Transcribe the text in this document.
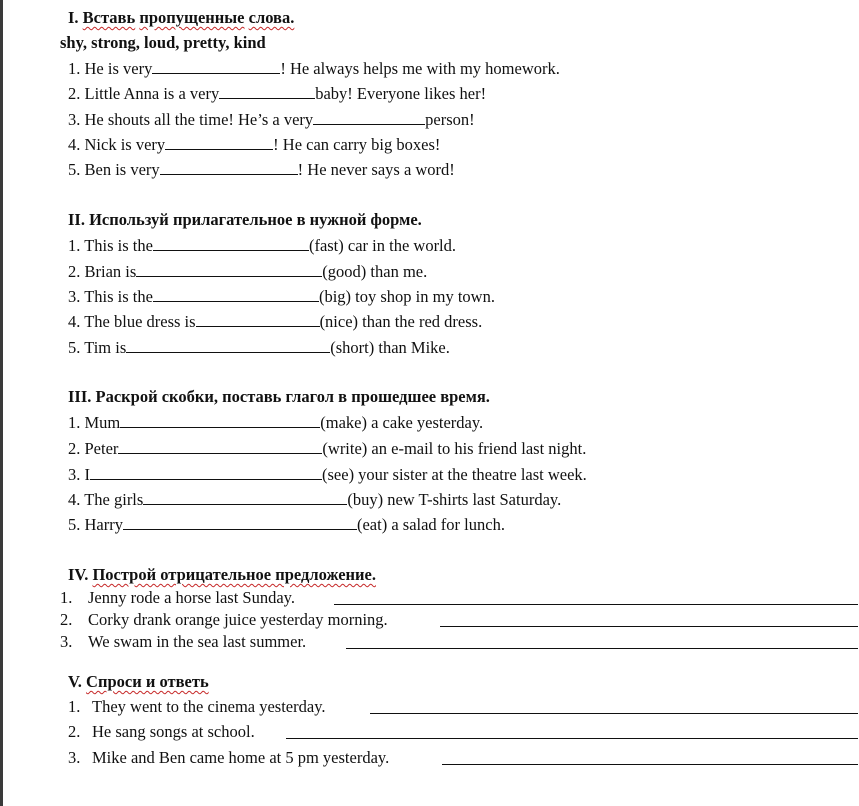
I. Вставь пропущенные слова.
shy, strong, loud, pretty, kind
1. He is very	! He always helps me with my homework.
2. Little Anna is a very	baby! Everyone likes her!
3. He shouts all the time! He’s a very	person!
4. Nick is very	! He can carry big boxes!
5. Ben is very	! He never says a word!
II. Используй прилагательное в нужной форме.
1. This is the	(fast) car in the world.
2. Brian is	(good) than me.
3. This is the	(big) toy shop in my town.
4. The blue dress is	(nice) than the red dress.
5. Tim is	(short) than Mike.
III. Раскрой скобки, поставь глагол в прошедшее время.
1. Mum	(make) a cake yesterday.
2. Peter	(write) an e-mail to his friend last night.
3. I	(see) your sister at the theatre last week.
4. The girls	(buy) new T-shirts last Saturday.
5. Harry	(eat) a salad for lunch.
IV. Построй отрицательное предложение.
1. Jenny rode a horse last Sunday.
2. Corky drank orange juice yesterday morning.
3. We swam in the sea last summer.
V. Спроси и ответь
1. They went to the cinema yesterday.
2. He sang songs at school.
3. Mike and Ben came home at 5 pm yesterday.
